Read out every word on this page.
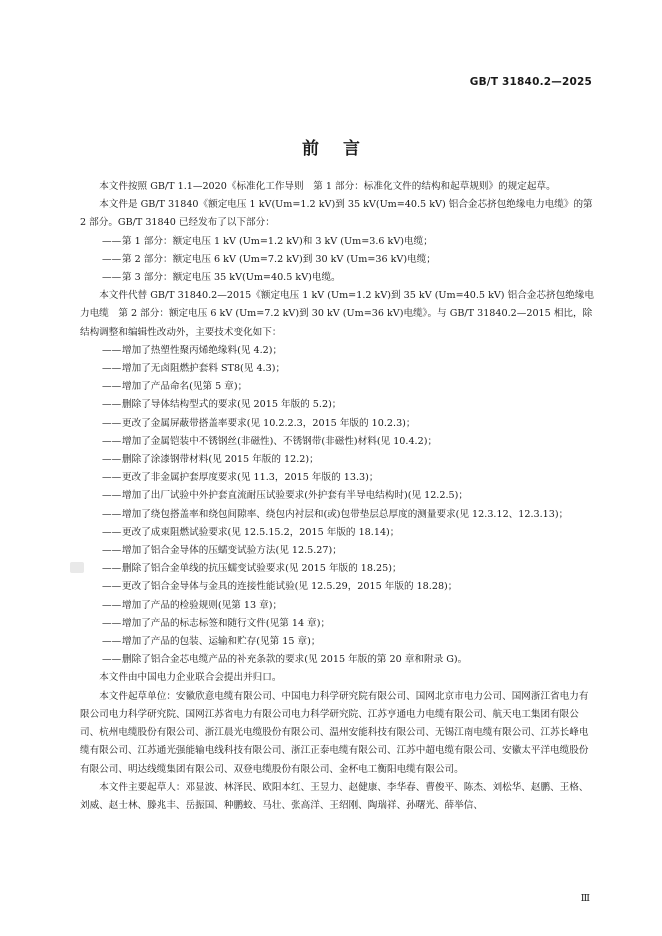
GB/T 31840.2—2025
前言

本文件按照 GB/T 1.1—2020《标准化工作导则　第 1 部分：标准化文件的结构和起草规则》的规定起草。

本文件是 GB/T 31840《额定电压 1 kV(Um=1.2 kV)到 35 kV(Um=40.5 kV) 铝合金芯挤包绝缘电力电缆》的第 2 部分。GB/T 31840 已经发布了以下部分：

—— 第 1 部分：额定电压 1 kV (Um=1.2 kV)和 3 kV (Um=3.6 kV)电缆；

—— 第 2 部分：额定电压 6 kV (Um=7.2 kV)到 30 kV (Um=36 kV)电缆；

—— 第 3 部分：额定电压 35 kV(Um=40.5 kV)电缆。

本文件代替 GB/T 31840.2—2015《额定电压 1 kV (Um=1.2 kV)到 35 kV (Um=40.5 kV) 铝合金芯挤包绝缘电力电缆　第 2 部分：额定电压 6 kV (Um=7.2 kV)到 30 kV (Um=36 kV)电缆》。与 GB/T 31840.2—2015 相比，除结构调整和编辑性改动外，主要技术变化如下：

—— 增加了热塑性聚丙烯绝缘料(见 4.2)；

—— 增加了无卤阻燃护套料 ST8(见 4.3)；

—— 增加了产品命名(见第 5 章)；

—— 删除了导体结构型式的要求(见 2015 年版的 5.2)；

—— 更改了金属屏蔽带搭盖率要求(见 10.2.2.3，2015 年版的 10.2.3)；

—— 增加了金属铠装中不锈钢丝(非磁性)、不锈钢带(非磁性)材料(见 10.4.2)；

—— 删除了涂漆钢带材料(见 2015 年版的 12.2)；

—— 更改了非金属护套厚度要求(见 11.3，2015 年版的 13.3)；

—— 增加了出厂试验中外护套直流耐压试验要求(外护套有半导电结构时)(见 12.2.5)；

—— 增加了绕包搭盖率和绕包间隙率、绕包内衬层和(或)包带垫层总厚度的测量要求(见 12.3.12、12.3.13)；

—— 更改了成束阻燃试验要求(见 12.5.15.2，2015 年版的 18.14)；

—— 增加了铝合金导体的压蠕变试验方法(见 12.5.27)；

—— 删除了铝合金单线的抗压蠕变试验要求(见 2015 年版的 18.25)；

—— 更改了铝合金导体与金具的连接性能试验(见 12.5.29，2015 年版的 18.28)；

—— 增加了产品的检验规则(见第 13 章)；

—— 增加了产品的标志标签和随行文件(见第 14 章)；

—— 增加了产品的包装、运输和贮存(见第 15 章)；

—— 删除了铝合金芯电缆产品的补充条款的要求(见 2015 年版的第 20 章和附录 G)。

本文件由中国电力企业联合会提出并归口。

本文件起草单位：安徽欣意电缆有限公司、中国电力科学研究院有限公司、国网北京市电力公司、国网浙江省电力有限公司电力科学研究院、国网江苏省电力有限公司电力科学研究院、江苏亨通电力电缆有限公司、航天电工集团有限公司、杭州电缆股份有限公司、浙江晨光电缆股份有限公司、温州安能科技有限公司、无锡江南电缆有限公司、江苏长峰电缆有限公司、江苏通光强能输电线科技有限公司、浙江正泰电缆有限公司、江苏中超电缆有限公司、安徽太平洋电缆股份有限公司、明达线缆集团有限公司、双登电缆股份有限公司、金杯电工衡阳电缆有限公司。

本文件主要起草人：邓显波、林泽民、欧阳本红、王昱力、赵健康、李华春、曹俊平、陈杰、刘松华、赵鹏、王格、刘威、赵士林、滕兆丰、岳振国、种鹏蛟、马壮、张高洋、王绍刚、陶瑞祥、孙曙光、薛举信、

Ⅲ
